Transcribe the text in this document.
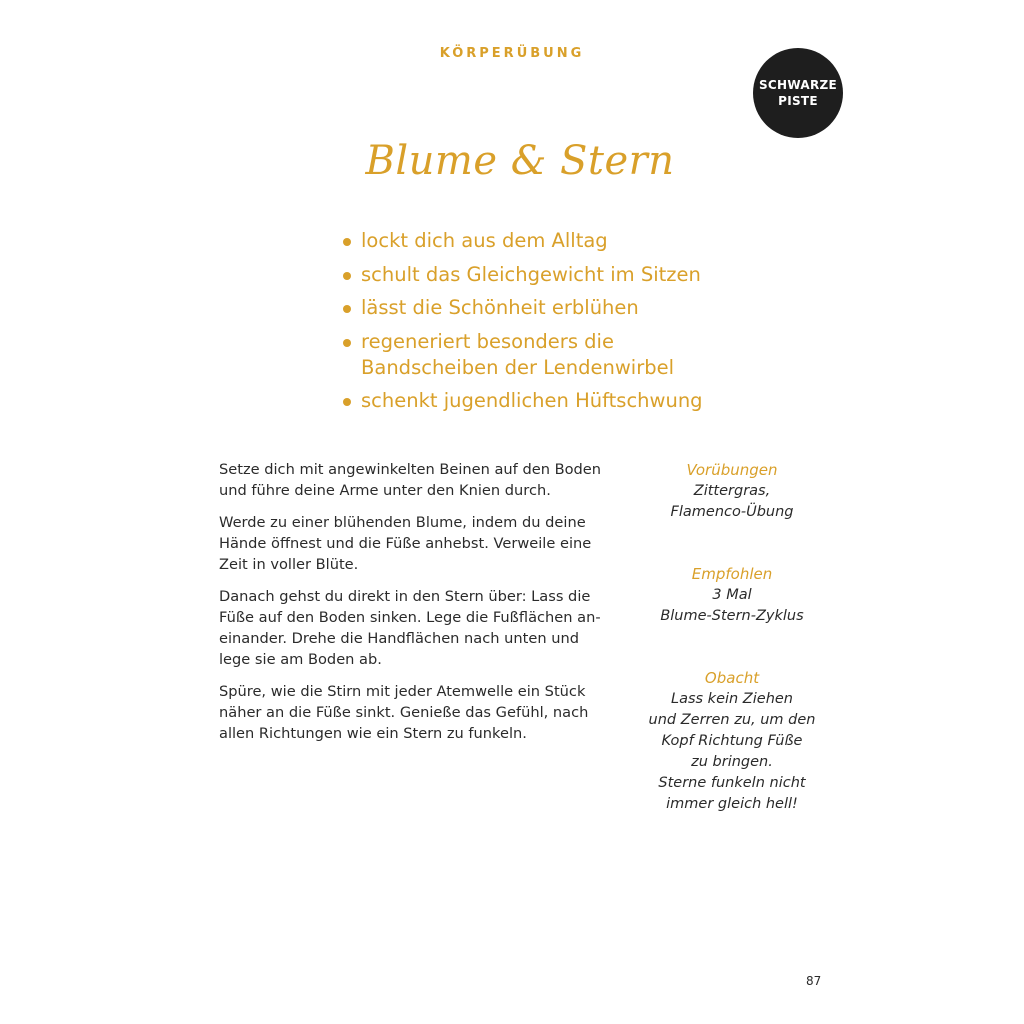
KÖRPERÜBUNG
SCHWARZE
PISTE
Blume & Stern
lockt dich aus dem Alltag
schult das Gleichgewicht im Sitzen
lässt die Schönheit erblühen
regeneriert besonders die
Bandscheiben der Lendenwirbel
schenkt jugendlichen Hüftschwung

Setze dich mit angewinkelten Beinen auf den Boden
und führe deine Arme unter den Knien durch.

Werde zu einer blühenden Blume, indem du deine
Hände öffnest und die Füße anhebst. Verweile eine
Zeit in voller Blüte.

Danach gehst du direkt in den Stern über: Lass die
Füße auf den Boden sinken. Lege die Fußflächen an-
einander. Drehe die Handflächen nach unten und
lege sie am Boden ab.

Spüre, wie die Stirn mit jeder Atemwelle ein Stück
näher an die Füße sinkt. Genieße das Gefühl, nach
allen Richtungen wie ein Stern zu funkeln.

Vorübungen
Zittergras,
Flamenco-Übung
Empfohlen
3 Mal
Blume-Stern-Zyklus
Obacht
Lass kein Ziehen
und Zerren zu, um den
Kopf Richtung Füße
zu bringen.
Sterne funkeln nicht
immer gleich hell!
87
